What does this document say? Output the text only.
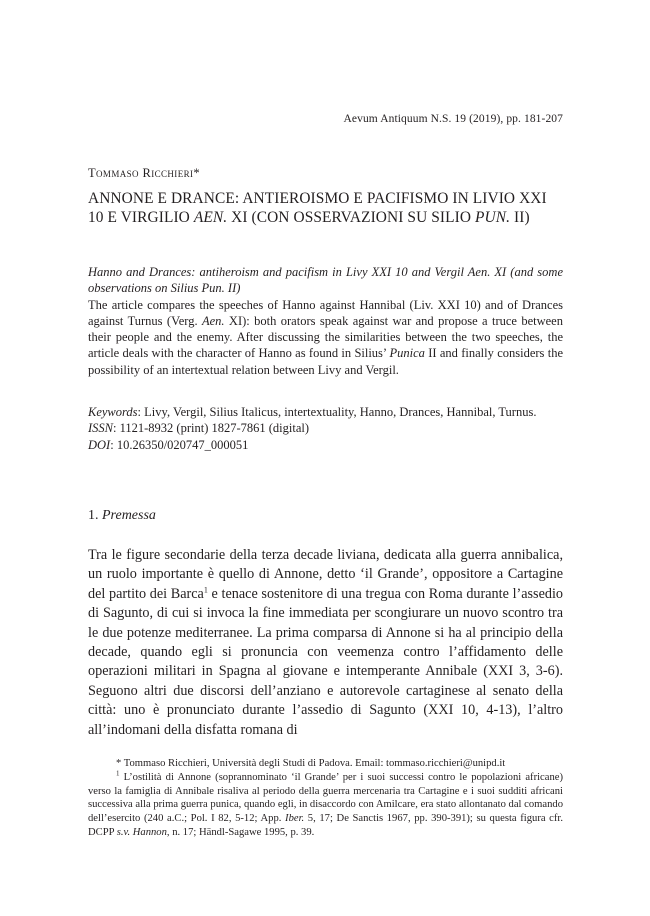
Aevum Antiquum N.S. 19 (2019), pp. 181-207
Tommaso Ricchieri*
ANNONE E DRANCE: ANTIEROISMO E PACIFISMO IN LIVIO XXI 10 E VIRGILIO AEN. XI (CON OSSERVAZIONI SU SILIO PUN. II)

Hanno and Drances: antiheroism and pacifism in Livy XXI 10 and Vergil Aen. XI (and some observations on Silius Pun. II)

The article compares the speeches of Hanno against Hannibal (Liv. XXI 10) and of Drances against Turnus (Verg. Aen. XI): both orators speak against war and propose a truce between their people and the enemy. After discussing the similarities between the two speeches, the article deals with the character of Hanno as found in Silius’ Punica II and finally considers the possibility of an intertextual relation between Livy and Vergil.

Keywords: Livy, Vergil, Silius Italicus, intertextuality, Hanno, Drances, Hannibal, Turnus.

ISSN: 1121-8932 (print) 1827-7861 (digital)

DOI: 10.26350/020747_000051

1. Premessa

Tra le figure secondarie della terza decade liviana, dedicata alla guerra annibalica, un ruolo importante è quello di Annone, detto ‘il Grande’, oppositore a Cartagine del partito dei Barca$^1$ e tenace sostenitore di una tregua con Roma durante l’assedio di Sagunto, di cui si invoca la fine immediata per scongiurare un nuovo scontro tra le due potenze mediterranee. La prima comparsa di Annone si ha al principio della decade, quando egli si pronuncia con veemenza contro l’affidamento delle operazioni militari in Spagna al giovane e intemperante Annibale (XXI 3, 3-6). Seguono altri due discorsi dell’anziano e autorevole cartaginese al senato della città: uno è pronunciato durante l’assedio di Sagunto (XXI 10, 4-13), l’altro all’indomani della disfatta romana di

* Tommaso Ricchieri, Università degli Studi di Padova. Email: tommaso.ricchieri@unipd.it

$^1$ L’ostilità di Annone (soprannominato ‘il Grande’ per i suoi successi contro le popolazioni africane) verso la famiglia di Annibale risaliva al periodo della guerra mercenaria tra Cartagine e i suoi sudditi africani successiva alla prima guerra punica, quando egli, in disaccordo con Amilcare, era stato allontanato dal comando dell’esercito (240 a.C.; Pol. I 82, 5-12; App. Iber. 5, 17; De Sanctis 1967, pp. 390-391); su questa figura cfr. DCPP s.v. Hannon, n. 17; Händl-Sagawe 1995, p. 39.
